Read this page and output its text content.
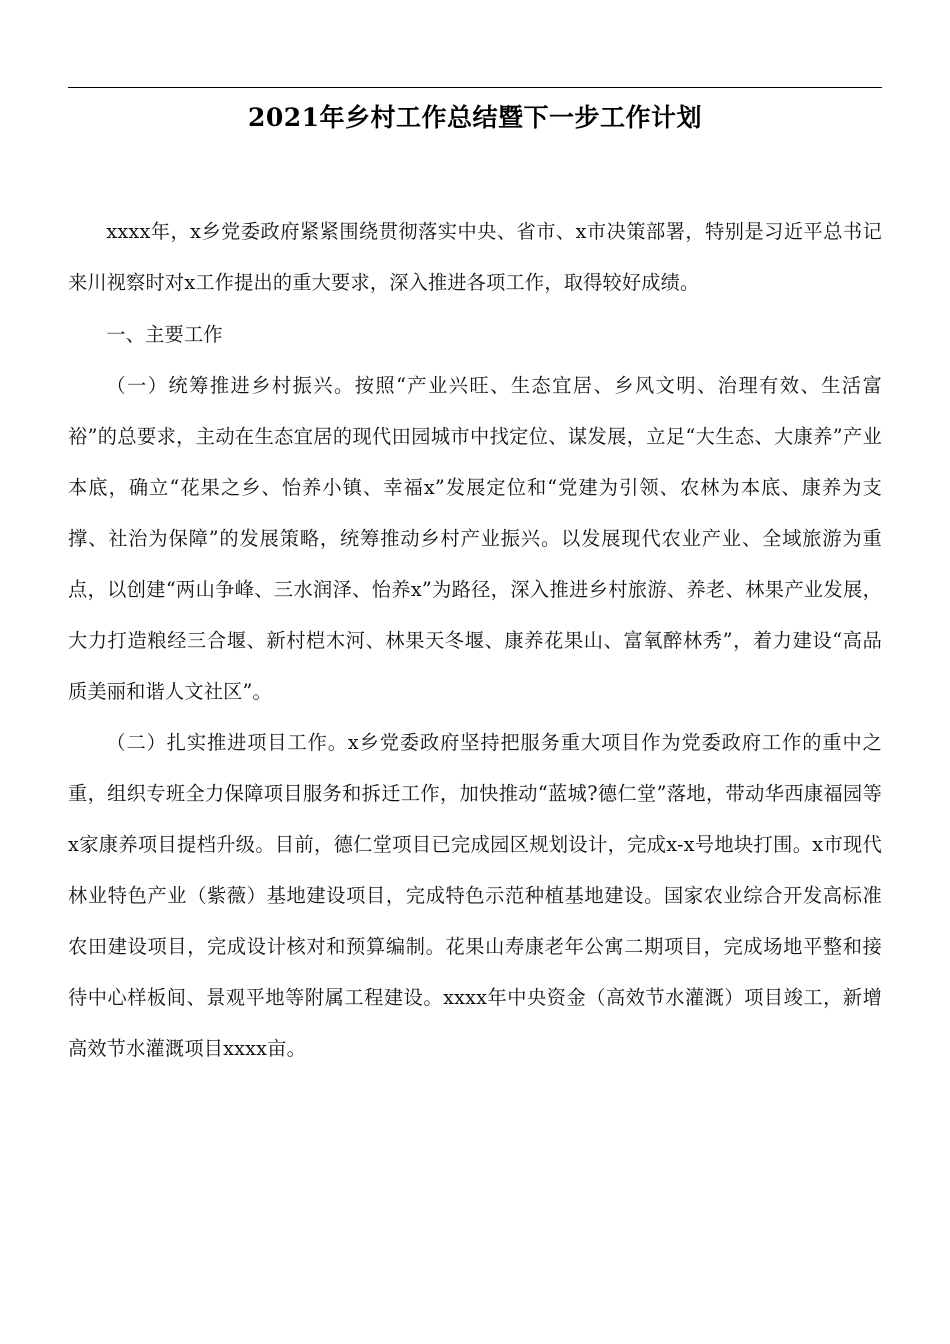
2021年乡村工作总结暨下一步工作计划

xxxx年，x乡党委政府紧紧围绕贯彻落实中央、省市、x市决策部署，特别是习近平总书记来川视察时对x工作提出的重大要求，深入推进各项工作，取得较好成绩。

一、主要工作

（一）统筹推进乡村振兴。按照“产业兴旺、生态宜居、乡风文明、治理有效、生活富裕”的总要求，主动在生态宜居的现代田园城市中找定位、谋发展，立足“大生态、大康养”产业本底，确立“花果之乡、怡养小镇、幸福x”发展定位和“党建为引领、农林为本底、康养为支撑、社治为保障”的发展策略，统筹推动乡村产业振兴。以发展现代农业产业、全域旅游为重点，以创建“两山争峰、三水润泽、怡养x”为路径，深入推进乡村旅游、养老、林果产业发展，大力打造粮经三合堰、新村桤木河、林果天冬堰、康养花果山、富氧醉林秀”，着力建设“高品质美丽和谐人文社区”。

（二）扎实推进项目工作。x乡党委政府坚持把服务重大项目作为党委政府工作的重中之重，组织专班全力保障项目服务和拆迁工作，加快推动“蓝城?德仁堂”落地，带动华西康福园等x家康养项目提档升级。目前，德仁堂项目已完成园区规划设计，完成x-x号地块打围。x市现代林业特色产业（紫薇）基地建设项目，完成特色示范种植基地建设。国家农业综合开发高标准农田建设项目，完成设计核对和预算编制。花果山寿康老年公寓二期项目，完成场地平整和接待中心样板间、景观平地等附属工程建设。xxxx年中央资金（高效节水灌溉）项目竣工，新增高效节水灌溉项目xxxx亩。
